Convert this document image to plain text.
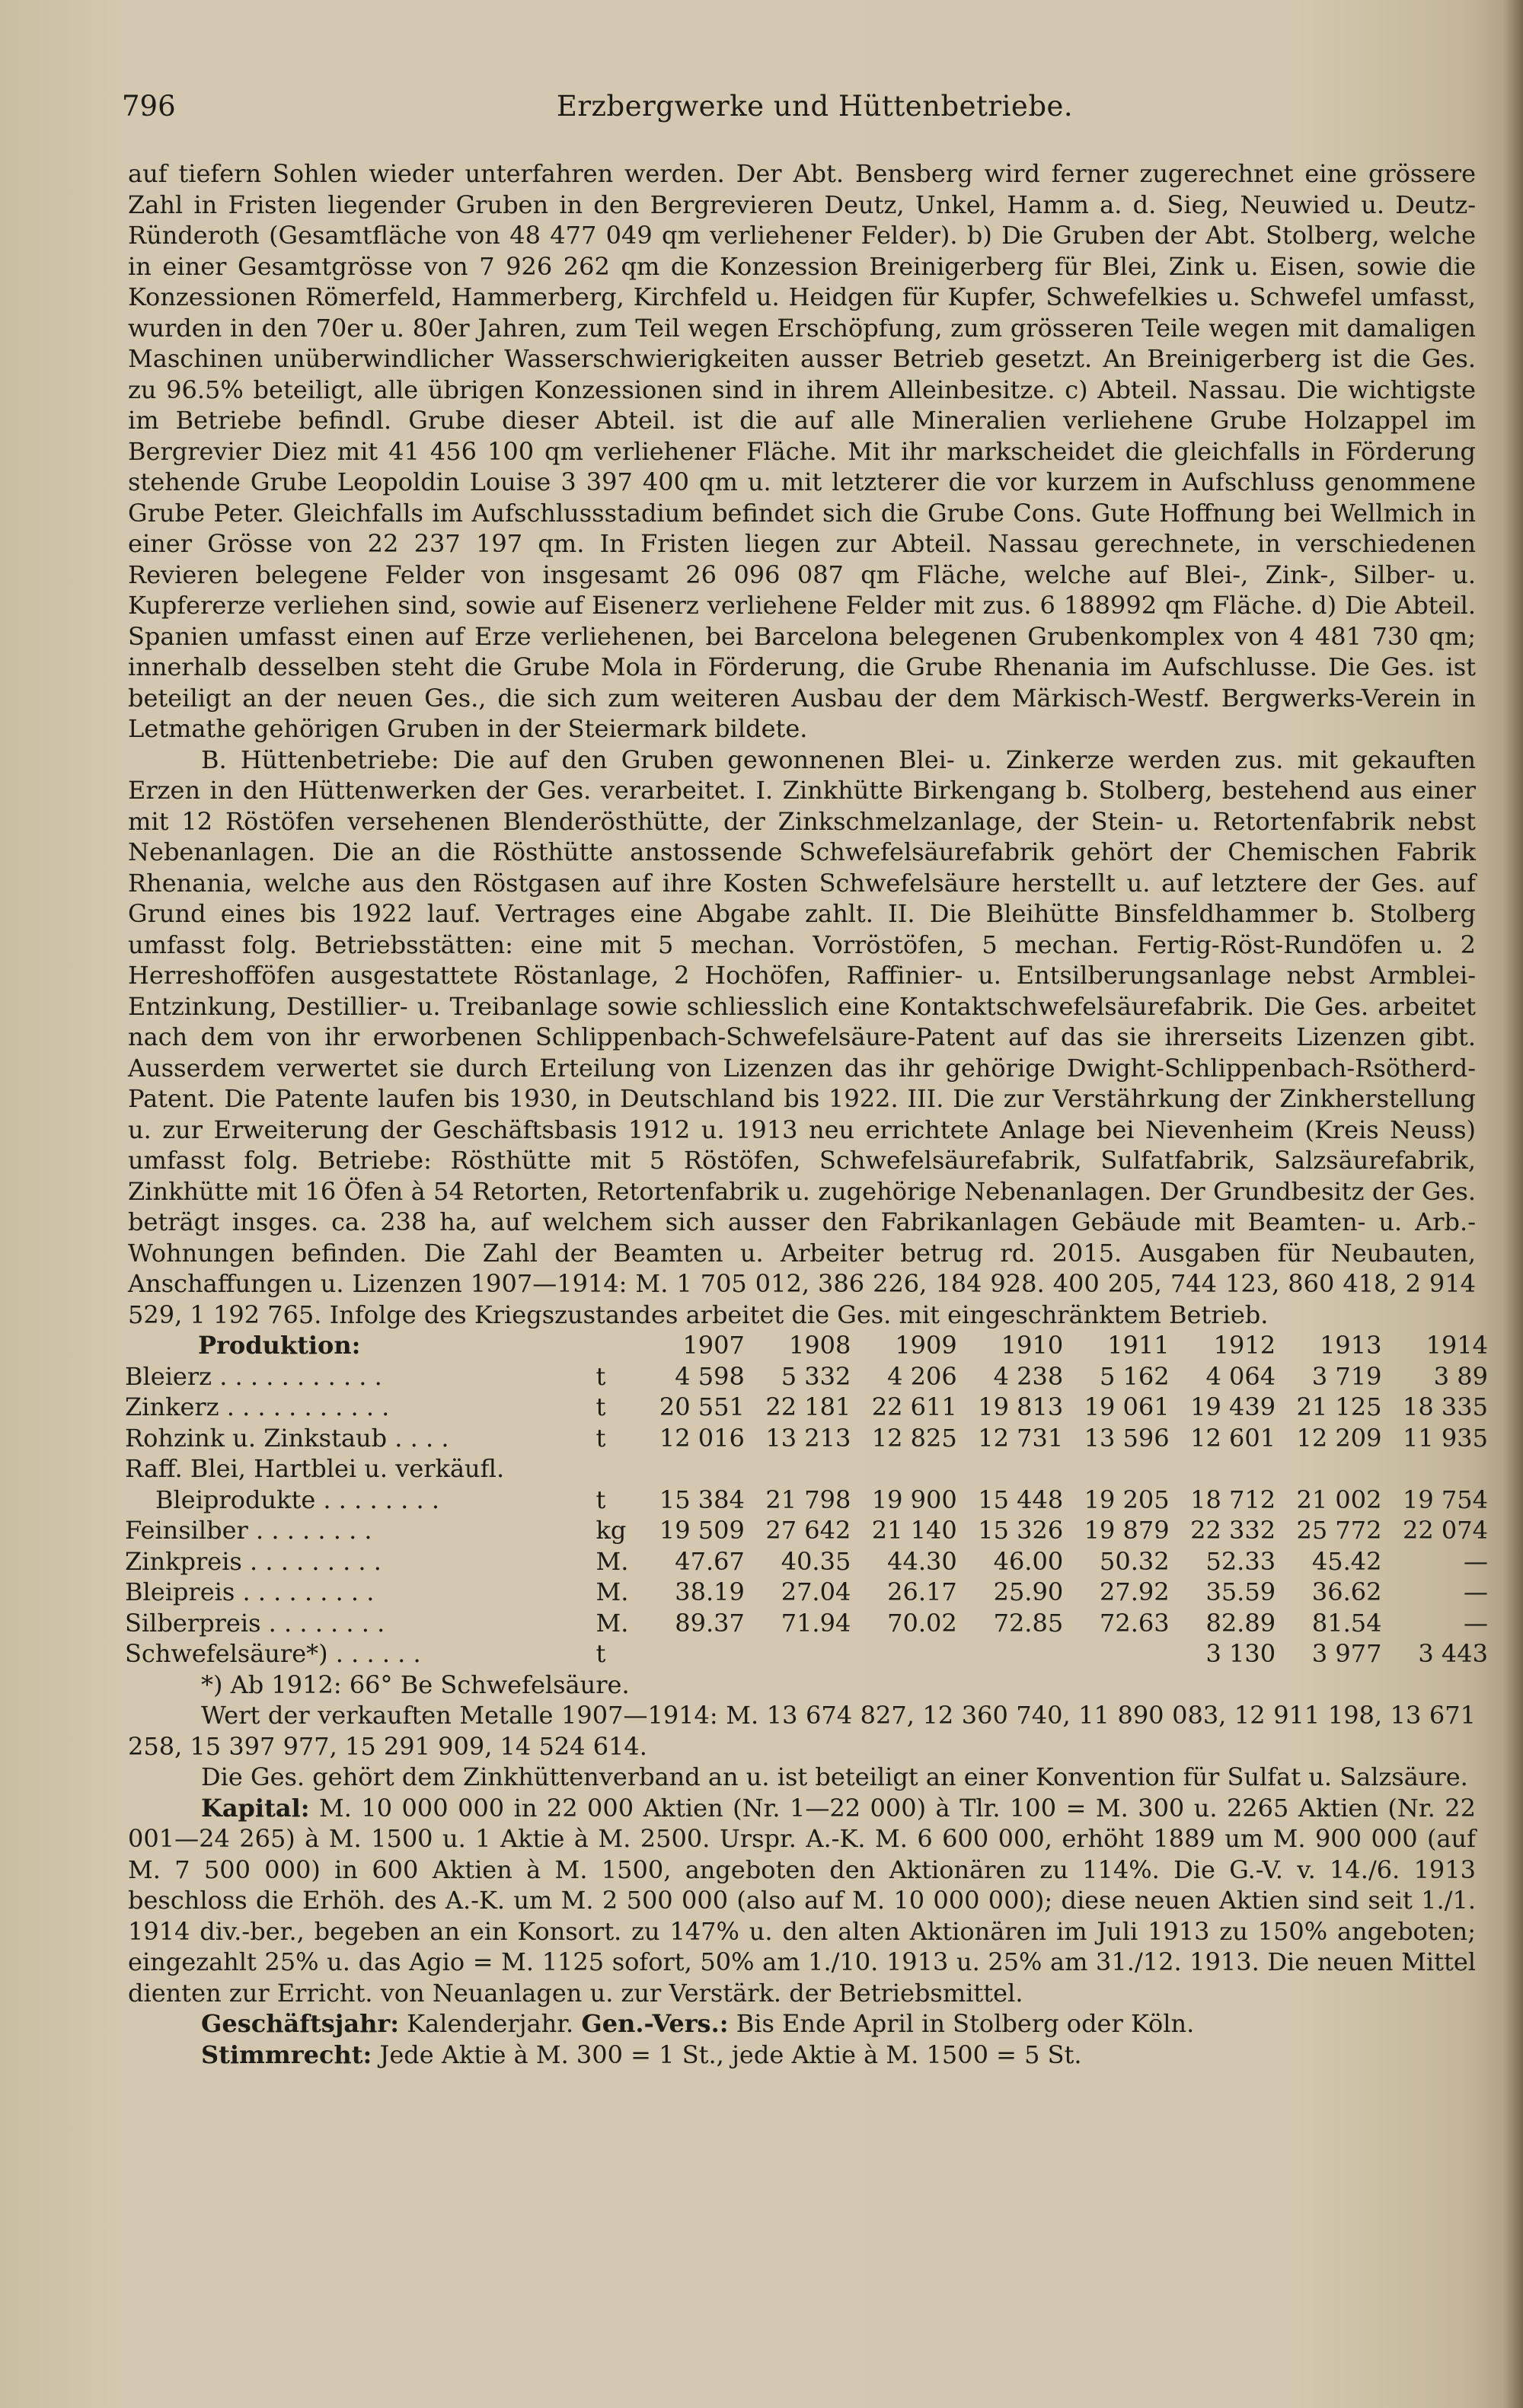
796	Erzbergwerke und Hüttenbetriebe.

auf tiefern Sohlen wieder unterfahren werden. Der Abt. Bensberg wird ferner zugerechnet eine grössere Zahl in Fristen liegender Gruben in den Bergrevieren Deutz, Unkel, Hamm a. d. Sieg, Neuwied u. Deutz-Ründeroth (Gesamtfläche von 48 477 049 qm verliehener Felder). b) Die Gruben der Abt. Stolberg, welche in einer Gesamtgrösse von 7 926 262 qm die Konzession Breinigerberg für Blei, Zink u. Eisen, sowie die Konzessionen Römerfeld, Hammerberg, Kirchfeld u. Heidgen für Kupfer, Schwefelkies u. Schwefel umfasst, wurden in den 70er u. 80er Jahren, zum Teil wegen Erschöpfung, zum grösseren Teile wegen mit damaligen Maschinen unüberwindlicher Wasserschwierigkeiten ausser Betrieb gesetzt. An Breinigerberg ist die Ges. zu 96.5% beteiligt, alle übrigen Konzessionen sind in ihrem Alleinbesitze. c) Abteil. Nassau. Die wichtigste im Betriebe befindl. Grube dieser Abteil. ist die auf alle Mineralien verliehene Grube Holzappel im Bergrevier Diez mit 41 456 100 qm verliehener Fläche. Mit ihr markscheidet die gleichfalls in Förderung stehende Grube Leopoldin Louise 3 397 400 qm u. mit letzterer die vor kurzem in Aufschluss genommene Grube Peter. Gleichfalls im Aufschlussstadium befindet sich die Grube Cons. Gute Hoffnung bei Wellmich in einer Grösse von 22 237 197 qm. In Fristen liegen zur Abteil. Nassau gerechnete, in verschiedenen Revieren belegene Felder von insgesamt 26 096 087 qm Fläche, welche auf Blei-, Zink-, Silber- u. Kupfererze verliehen sind, sowie auf Eisenerz verliehene Felder mit zus. 6 188992 qm Fläche. d) Die Abteil. Spanien umfasst einen auf Erze verliehenen, bei Barcelona belegenen Grubenkomplex von 4 481 730 qm; innerhalb desselben steht die Grube Mola in Förderung, die Grube Rhenania im Aufschlusse. Die Ges. ist beteiligt an der neuen Ges., die sich zum weiteren Ausbau der dem Märkisch-Westf. Bergwerks-Verein in Letmathe gehörigen Gruben in der Steiermark bildete.

B. Hüttenbetriebe: Die auf den Gruben gewonnenen Blei- u. Zinkerze werden zus. mit gekauften Erzen in den Hüttenwerken der Ges. verarbeitet. I. Zinkhütte Birkengang b. Stolberg, bestehend aus einer mit 12 Röstöfen versehenen Blenderösthütte, der Zinkschmelzanlage, der Stein- u. Retortenfabrik nebst Nebenanlagen. Die an die Rösthütte anstossende Schwefelsäurefabrik gehört der Chemischen Fabrik Rhenania, welche aus den Röstgasen auf ihre Kosten Schwefelsäure herstellt u. auf letztere der Ges. auf Grund eines bis 1922 lauf. Vertrages eine Abgabe zahlt. II. Die Bleihütte Binsfeldhammer b. Stolberg umfasst folg. Betriebsstätten: eine mit 5 mechan. Vorröstöfen, 5 mechan. Fertig-Röst-Rundöfen u. 2 Herreshofföfen ausgestattete Röstanlage, 2 Hochöfen, Raffinier- u. Entsilberungsanlage nebst Armblei-Entzinkung, Destillier- u. Treibanlage sowie schliesslich eine Kontaktschwefelsäurefabrik. Die Ges. arbeitet nach dem von ihr erworbenen Schlippenbach-Schwefelsäure-Patent auf das sie ihrerseits Lizenzen gibt. Ausserdem verwertet sie durch Erteilung von Lizenzen das ihr gehörige Dwight-Schlippenbach-Rsötherd-Patent. Die Patente laufen bis 1930, in Deutschland bis 1922. III. Die zur Verstährkung der Zinkherstellung u. zur Erweiterung der Geschäftsbasis 1912 u. 1913 neu errichtete Anlage bei Nievenheim (Kreis Neuss) umfasst folg. Betriebe: Rösthütte mit 5 Röstöfen, Schwefelsäurefabrik, Sulfatfabrik, Salzsäurefabrik, Zinkhütte mit 16 Öfen à 54 Retorten, Retortenfabrik u. zugehörige Nebenanlagen. Der Grundbesitz der Ges. beträgt insges. ca. 238 ha, auf welchem sich ausser den Fabrikanlagen Gebäude mit Beamten- u. Arb.-Wohnungen befinden. Die Zahl der Beamten u. Arbeiter betrug rd. 2015. Ausgaben für Neubauten, Anschaffungen u. Lizenzen 1907—1914: M. 1 705 012, 386 226, 184 928. 400 205, 744 123, 860 418, 2 914 529, 1 192 765. Infolge des Kriegszustandes arbeitet die Ges. mit eingeschränktem Betrieb.

Produktion:		1907	1908	1909	1910	1911	1912	1913	1914
Bleierz . . . . . . . . . . .	t	4 598	5 332	4 206	4 238	5 162	4 064	3 719	3 89
Zinkerz . . . . . . . . . . .	t	20 551	22 181	22 611	19 813	19 061	19 439	21 125	18 335
Rohzink u. Zinkstaub . . . .	t	12 016	13 213	12 825	12 731	13 596	12 601	12 209	11 935
Raff. Blei, Hartblei u. verkäufl.									
Bleiprodukte . . . . . . . .	t	15 384	21 798	19 900	15 448	19 205	18 712	21 002	19 754
Feinsilber . . . . . . . .	kg	19 509	27 642	21 140	15 326	19 879	22 332	25 772	22 074
Zinkpreis . . . . . . . . .	M.	47.67	40.35	44.30	46.00	50.32	52.33	45.42	—
Bleipreis . . . . . . . . .	M.	38.19	27.04	26.17	25.90	27.92	35.59	36.62	—
Silberpreis . . . . . . . .	M.	89.37	71.94	70.02	72.85	72.63	82.89	81.54	—
Schwefelsäure*) . . . . . .	t						3 130	3 977	3 443

*) Ab 1912: 66° Be Schwefelsäure.

Wert der verkauften Metalle 1907—1914: M. 13 674 827, 12 360 740, 11 890 083, 12 911 198, 13 671 258, 15 397 977, 15 291 909, 14 524 614.

Die Ges. gehört dem Zinkhüttenverband an u. ist beteiligt an einer Konvention für Sulfat u. Salzsäure.

Kapital: M. 10 000 000 in 22 000 Aktien (Nr. 1—22 000) à Tlr. 100 = M. 300 u. 2265 Aktien (Nr. 22 001—24 265) à M. 1500 u. 1 Aktie à M. 2500. Urspr. A.-K. M. 6 600 000, erhöht 1889 um M. 900 000 (auf M. 7 500 000) in 600 Aktien à M. 1500, angeboten den Aktionären zu 114%. Die G.-V. v. 14./6. 1913 beschloss die Erhöh. des A.-K. um M. 2 500 000 (also auf M. 10 000 000); diese neuen Aktien sind seit 1./1. 1914 div.-ber., begeben an ein Konsort. zu 147% u. den alten Aktionären im Juli 1913 zu 150% angeboten; eingezahlt 25% u. das Agio = M. 1125 sofort, 50% am 1./10. 1913 u. 25% am 31./12. 1913. Die neuen Mittel dienten zur Erricht. von Neuanlagen u. zur Verstärk. der Betriebsmittel.

Geschäftsjahr: Kalenderjahr. Gen.-Vers.: Bis Ende April in Stolberg oder Köln.

Stimmrecht: Jede Aktie à M. 300 = 1 St., jede Aktie à M. 1500 = 5 St.
